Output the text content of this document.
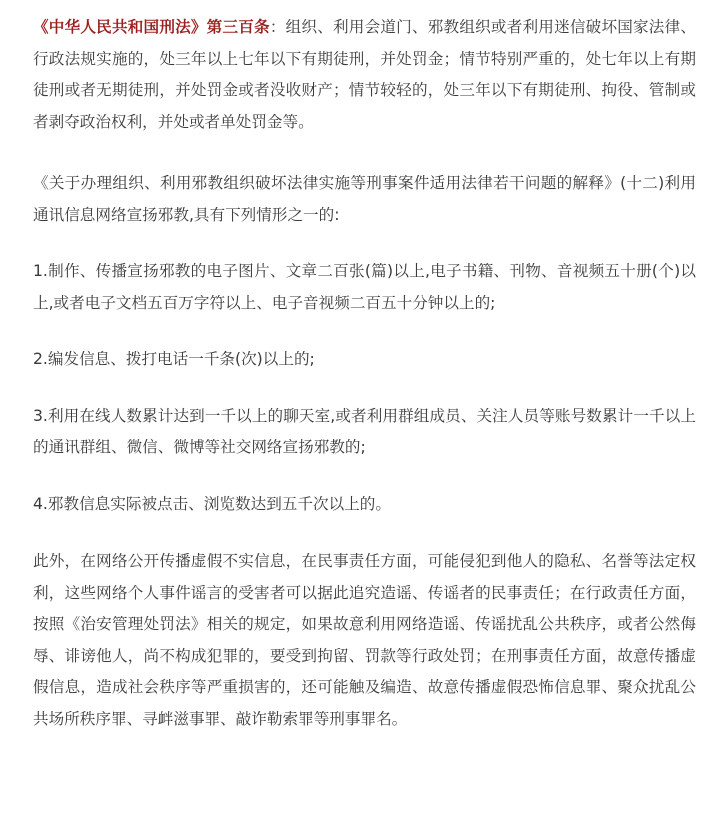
《中华人民共和国刑法》第三百条：组织、利用会道门、邪教组织或者利用迷信破坏国家法律、行政法规实施的，处三年以上七年以下有期徒刑，并处罚金；情节特别严重的，处七年以上有期徒刑或者无期徒刑，并处罚金或者没收财产；情节较轻的，处三年以下有期徒刑、拘役、管制或者剥夺政治权利，并处或者单处罚金等。

《关于办理组织、利用邪教组织破坏法律实施等刑事案件适用法律若干问题的解释》(十二)利用通讯信息网络宣扬邪教,具有下列情形之一的:

1.制作、传播宣扬邪教的电子图片、文章二百张(篇)以上,电子书籍、刊物、音视频五十册(个)以上,或者电子文档五百万字符以上、电子音视频二百五十分钟以上的;

2.编发信息、拨打电话一千条(次)以上的;

3.利用在线人数累计达到一千以上的聊天室,或者利用群组成员、关注人员等账号数累计一千以上的通讯群组、微信、微博等社交网络宣扬邪教的;

4.邪教信息实际被点击、浏览数达到五千次以上的。

此外，在网络公开传播虚假不实信息，在民事责任方面，可能侵犯到他人的隐私、名誉等法定权利，这些网络个人事件谣言的受害者可以据此追究造谣、传谣者的民事责任；在行政责任方面，按照《治安管理处罚法》相关的规定，如果故意利用网络造谣、传谣扰乱公共秩序，或者公然侮辱、诽谤他人，尚不构成犯罪的，要受到拘留、罚款等行政处罚；在刑事责任方面，故意传播虚假信息，造成社会秩序等严重损害的，还可能触及编造、故意传播虚假恐怖信息罪、聚众扰乱公共场所秩序罪、寻衅滋事罪、敲诈勒索罪等刑事罪名。
